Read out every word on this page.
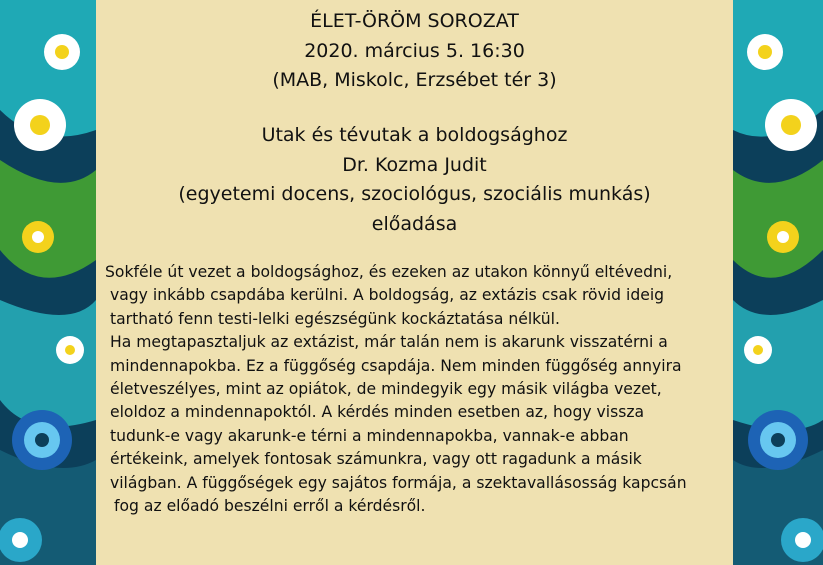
ÉLET-ÖRÖM SOROZAT
2020. március 5. 16:30
(MAB, Miskolc, Erzsébet tér 3)
Utak és tévutak a boldogsághoz
Dr. Kozma Judit
(egyetemi docens, szociológus, szociális munkás)
előadása
Sokféle út vezet a boldogsághoz, és ezeken az utakon könnyű eltévedni,
vagy inkább csapdába kerülni. A boldogság, az extázis csak rövid ideig
tartható fenn testi-lelki egészségünk kockáztatása nélkül.
Ha megtapasztaljuk az extázist, már talán nem is akarunk visszatérni a
mindennapokba. Ez a függőség csapdája. Nem minden függőség annyira
életveszélyes, mint az opiátok, de mindegyik egy másik világba vezet,
eloldoz a mindennapoktól. A kérdés minden esetben az, hogy vissza
tudunk-e vagy akarunk-e térni a mindennapokba, vannak-e abban
értékeink, amelyek fontosak számunkra, vagy ott ragadunk a másik
világban. A függőségek egy sajátos formája, a szektavallásosság kapcsán
fog az előadó beszélni erről a kérdésről.
